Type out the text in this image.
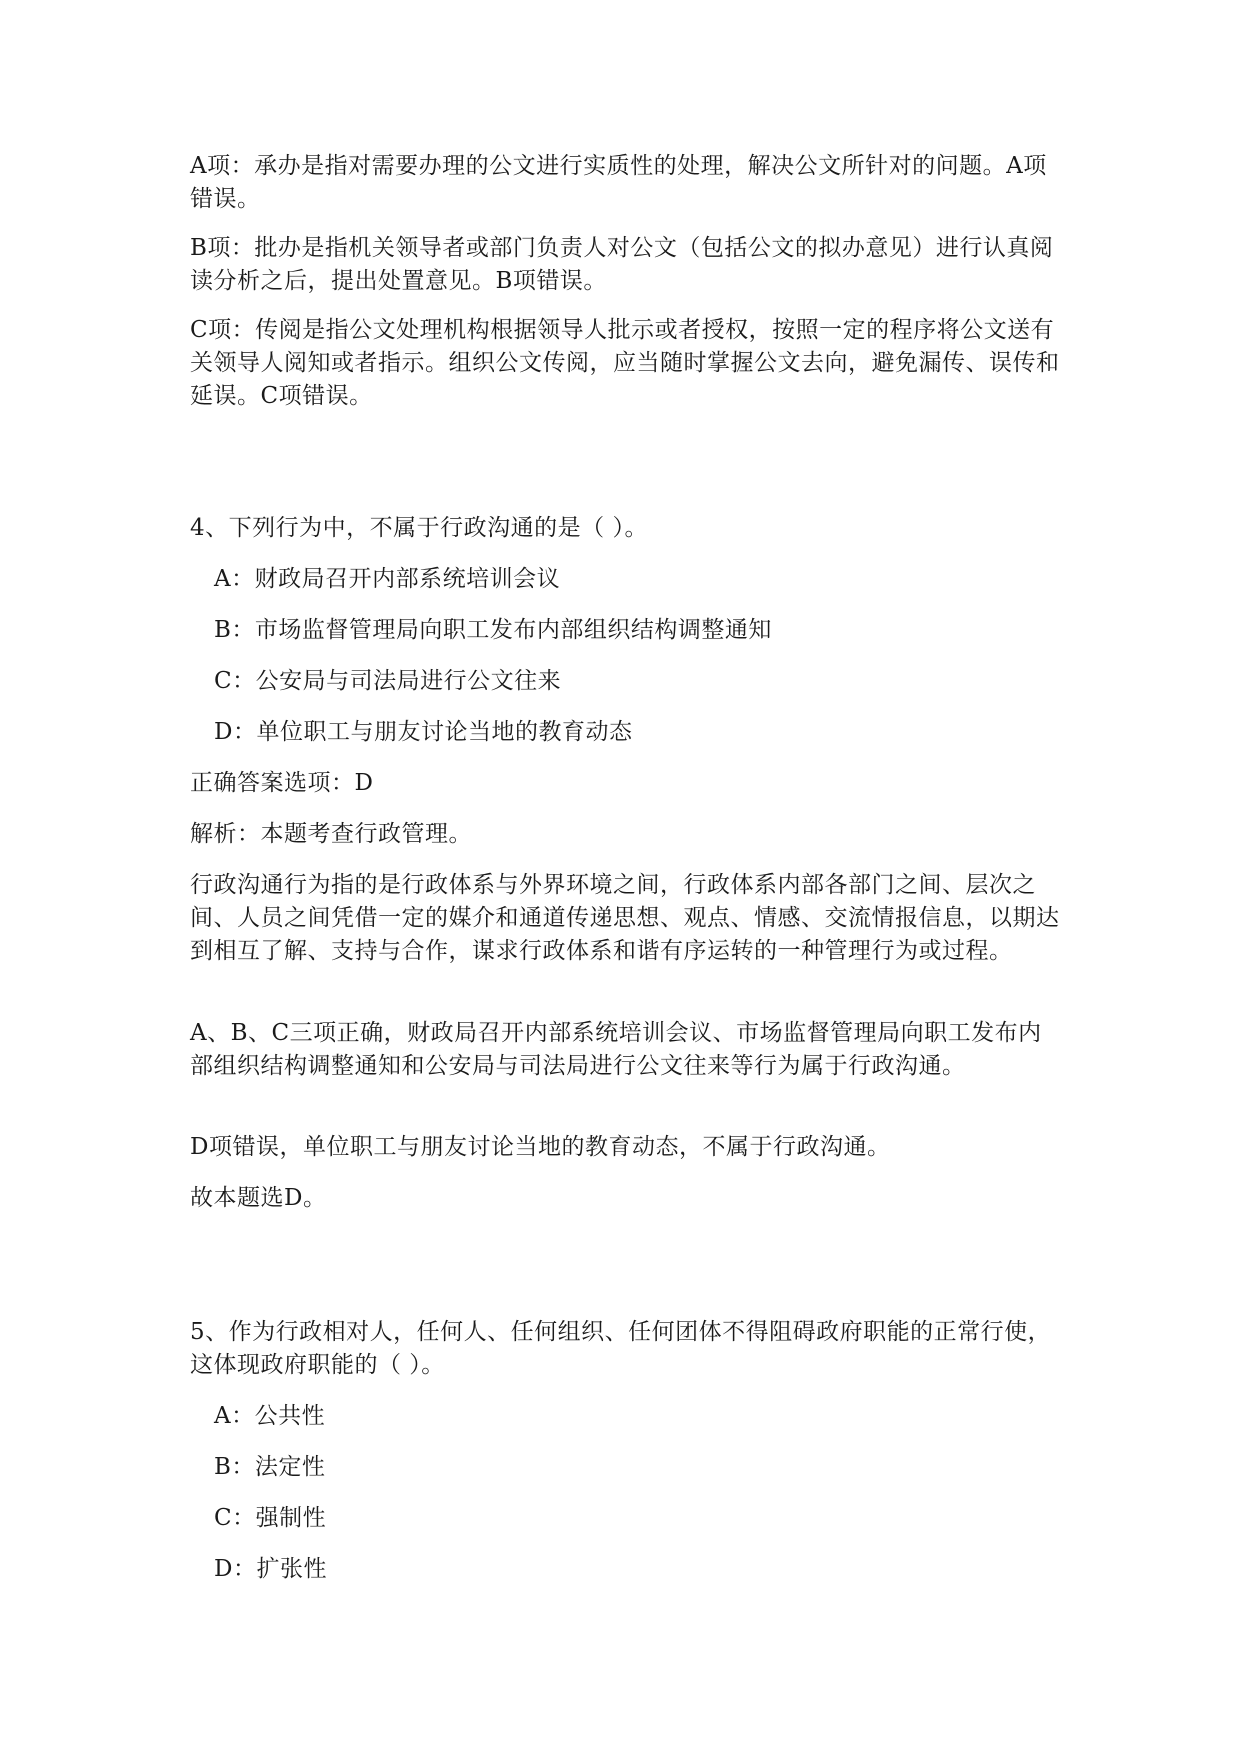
A项：承办是指对需要办理的公文进行实质性的处理，解决公文所针对的问题。A项错误。

B项：批办是指机关领导者或部门负责人对公文（包括公文的拟办意见）进行认真阅读分析之后，提出处置意见。B项错误。

C项：传阅是指公文处理机构根据领导人批示或者授权，按照一定的程序将公文送有关领导人阅知或者指示。组织公文传阅，应当随时掌握公文去向，避免漏传、误传和延误。C项错误。

4、下列行为中，不属于行政沟通的是（ ）。

A：财政局召开内部系统培训会议

B：市场监督管理局向职工发布内部组织结构调整通知

C：公安局与司法局进行公文往来

D：单位职工与朋友讨论当地的教育动态

正确答案选项：D

解析：本题考查行政管理。

行政沟通行为指的是行政体系与外界环境之间，行政体系内部各部门之间、层次之间、人员之间凭借一定的媒介和通道传递思想、观点、情感、交流情报信息，以期达到相互了解、支持与合作，谋求行政体系和谐有序运转的一种管理行为或过程。

A、B、C三项正确，财政局召开内部系统培训会议、市场监督管理局向职工发布内部组织结构调整通知和公安局与司法局进行公文往来等行为属于行政沟通。

D项错误，单位职工与朋友讨论当地的教育动态，不属于行政沟通。

故本题选D。

5、作为行政相对人，任何人、任何组织、任何团体不得阻碍政府职能的正常行使，这体现政府职能的（ ）。

A：公共性

B：法定性

C：强制性

D：扩张性
